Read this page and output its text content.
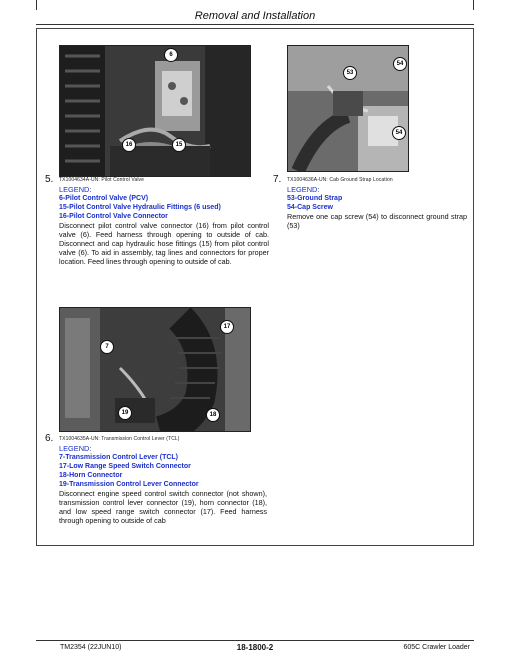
Removal and Installation
6
16	15
53
54
54
5. TX1004634A-UN: Pilot Control Valve
LEGEND:
6-Pilot Control Valve (PCV)
15-Pilot Control Valve Hydraulic Fittings (6 used)
16-Pilot Control Valve Connector
Disconnect pilot control valve connector (16) from pilot control valve (6). Feed harness through opening to outside of cab. Disconnect and cap hydraulic hose fittings (15) from pilot control valve (6). To aid in assembly, tag lines and connectors for proper location. Feed lines through opening to outside of cab.
7. TX1004636A-UN: Cab Ground Strap Location
LEGEND:
53-Ground Strap
54-Cap Screw
Remove one cap screw (54) to disconnect ground strap (53)
17
7
19	18
6. TX1004635A-UN: Transmission Control Lever (TCL)
LEGEND:
7-Transmission Control Lever (TCL)
17-Low Range Speed Switch Connector
18-Horn Connector
19-Transmission Control Lever Connector
Disconnect engine speed control switch connector (not shown), transmission control lever connector (19), horn connector (18), and low speed range switch connector (17). Feed harness through opening to outside of cab
TM2354 (22JUN10)	18-1800-2	605C Crawler Loader
